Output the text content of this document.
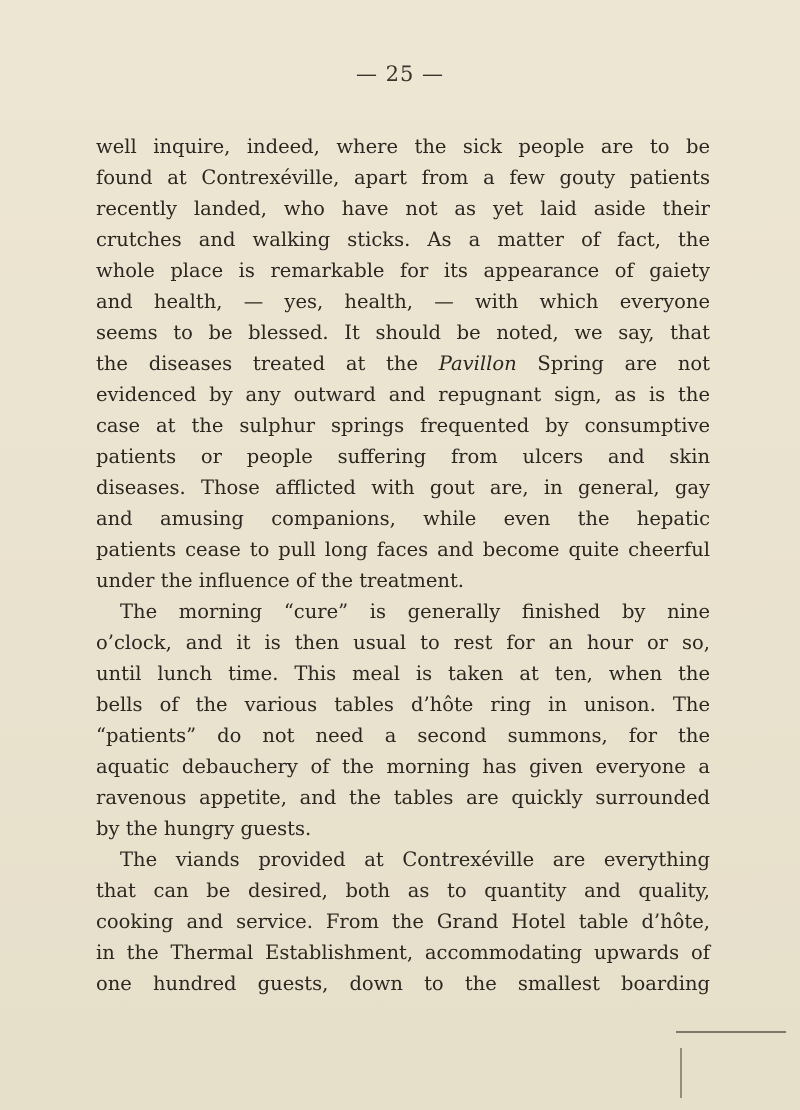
— 25 —
well inquire, indeed, where the sick people are to be
found at Contrexéville, apart from a few gouty patients
recently landed, who have not as yet laid aside their
crutches and walking sticks. As a matter of fact, the
whole place is remarkable for its appearance of gaiety
and health, — yes, health, — with which everyone
seems to be blessed. It should be noted, we say, that
the diseases treated at the Pavillon Spring are not
evidenced by any outward and repugnant sign, as is the
case at the sulphur springs frequented by consumptive
patients or people suffering from ulcers and skin
diseases. Those afflicted with gout are, in general, gay
and amusing companions, while even the hepatic
patients cease to pull long faces and become quite cheerful
under the influence of the treatment.
The morning “cure” is generally finished by nine
o’clock, and it is then usual to rest for an hour or so,
until lunch time. This meal is taken at ten, when the
bells of the various tables d’hôte ring in unison. The
“patients” do not need a second summons, for the
aquatic debauchery of the morning has given everyone a
ravenous appetite, and the tables are quickly surrounded
by the hungry guests.
The viands provided at Contrexéville are everything
that can be desired, both as to quantity and quality,
cooking and service. From the Grand Hotel table d’hôte,
in the Thermal Establishment, accommodating upwards of
one hundred guests, down to the smallest boarding
